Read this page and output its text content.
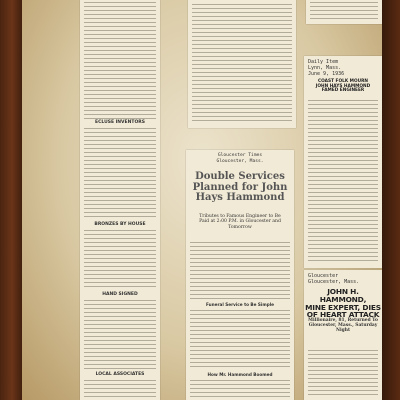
ECLUSE INVENTORS
BRONZES BY HOUSE
HAND SIGNED
LOCAL ASSOCIATES
Gloucester Times
Gloucester, Mass.
Double Services
Planned for John
Hays Hammond
Tributes to Famous Engineer to Be Paid at 2:00 P.M. in Gloucester and Tomorrow
Funeral Service to Be Simple
How Mr. Hammond Boomed
Daily Item
Lynn, Mass.
June 9, 1936
COAST FOLK MOURN
JOHN HAYS HAMMOND
FAMED ENGINEER
Gloucester
Gloucester, Mass.
JOHN H. HAMMOND,
MINE EXPERT, DIES
OF HEART ATTACK
Millionaire, 81, Returned To Gloucester, Mass., Saturday Night
